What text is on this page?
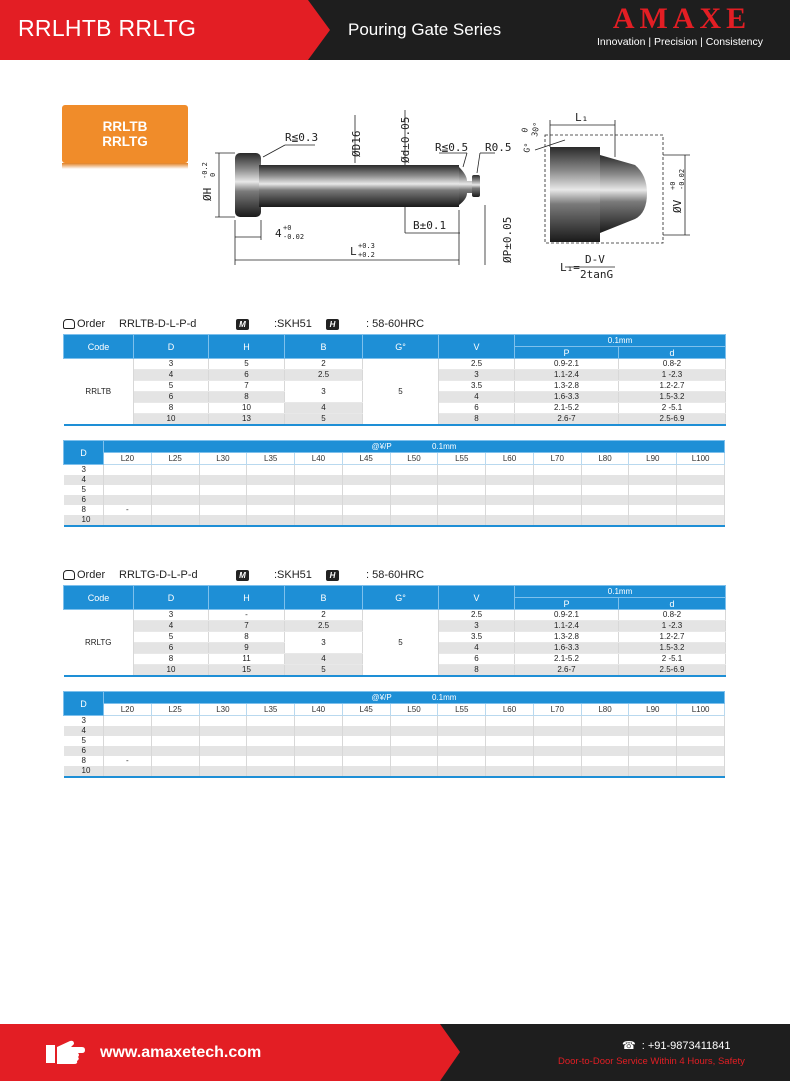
RRLHTB RRLTG	Pouring Gate Series	AMAXE
Innovation | Precision | Consistency
RRLTB
RRLTG	R≦0.3	ØD16	Ød±0.05 R≦0.5 R0.5
ØH
-0.2 0
4 +0
-0.02
B±0.1
L +0.3
+0.2	ØP±0.05
L₁
0 30°
G°
ØV
+0 -0.02
L₁=
D-V
2tanG
Order RRLTB-D-L-P-d	M	:SKH51	H	: 58-60HRC
Code	D	H	B	G°	V	0.1mm	
						P	d
RRLTB	3	5	2	5	2.5	0.9-2.1	0.8-2
	4	6	2.5		3	1.1-2.4	1 -2.3
	5	7	3		3.5	1.3-2.8	1.2-2.7
	6	8			4	1.6-3.3	1.5-3.2
	8	10	4		6	2.1-5.2	2 -5.1
	10	13	5		8	2.6-7	2.5-6.9
D	@¥/P 0.1mm												
	L20	L25	L30	L35	L40	L45	L50	L55	L60	L70	L80	L90	L100
3													
4													
5													
6													
8	-												
10													
Order RRLTG-D-L-P-d	M	:SKH51	H	: 58-60HRC
Code	D	H	B	G°	V	0.1mm	
						P	d
RRLTG	3	-	2	5	2.5	0.9-2.1	0.8-2
	4	7	2.5		3	1.1-2.4	1 -2.3
	5	8	3		3.5	1.3-2.8	1.2-2.7
	6	9			4	1.6-3.3	1.5-3.2
	8	11	4		6	2.1-5.2	2 -5.1
	10	15	5		8	2.6-7	2.5-6.9
D	@¥/P 0.1mm												
	L20	L25	L30	L35	L40	L45	L50	L55	L60	L70	L80	L90	L100
3													
4													
5													
6													
8	-												
10													
www.amaxetech.com	☎ : +91-9873411841
Door-to-Door Service Within 4 Hours, Safety
